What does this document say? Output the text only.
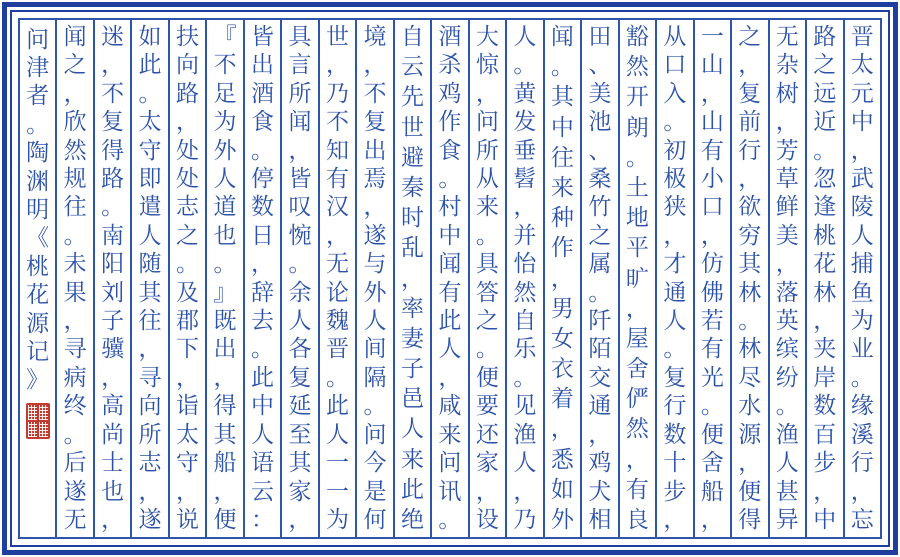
晋
太
元
中
，
武
陵
人
捕
鱼
为
业
。
缘
溪
行
，
忘
路
之
远
近
。
忽
逢
桃
花
林
，
夹
岸
数
百
步
，
中
无
杂
树
，
芳
草
鲜
美
，
落
英
缤
纷
。
渔
人
甚
异
之
，
复
前
行
，
欲
穷
其
林
。
林
尽
水
源
，
便
得
一
山
，
山
有
小
口
，
仿
佛
若
有
光
。
便
舍
船
，
从
口
入
。
初
极
狭
，
才
通
人
。
复
行
数
十
步
，
豁
然
开
朗
。
土
地
平
旷
，
屋
舍
俨
然
，
有
良
田
、
美
池
、
桑
竹
之
属
。
阡
陌
交
通
，
鸡
犬
相
闻
。
其
中
往
来
种
作
，
男
女
衣
着
，
悉
如
外
人
。
黄
发
垂
髫
，
并
怡
然
自
乐
。
见
渔
人
，
乃
大
惊
，
问
所
从
来
。
具
答
之
。
便
要
还
家
，
设
酒
杀
鸡
作
食
。
村
中
闻
有
此
人
，
咸
来
问
讯
。
自
云
先
世
避
秦
时
乱
，
率
妻
子
邑
人
来
此
绝
境
，
不
复
出
焉
，
遂
与
外
人
间
隔
。
问
今
是
何
世
，
乃
不
知
有
汉
，
无
论
魏
晋
。
此
人
一
一
为
具
言
所
闻
，
皆
叹
惋
。
余
人
各
复
延
至
其
家
，
皆
出
酒
食
。
停
数
日
，
辞
去
。
此
中
人
语
云
：
『
不
足
为
外
人
道
也
。
』
既
出
，
得
其
船
，
便
扶
向
路
，
处
处
志
之
。
及
郡
下
，
诣
太
守
，
说
如
此
。
太
守
即
遣
人
随
其
往
，
寻
向
所
志
，
遂
迷
，
不
复
得
路
。
南
阳
刘
子
骥
，
高
尚
士
也
，
闻
之
，
欣
然
规
往
。
未
果
，
寻
病
终
。
后
遂
无
问
津
者
。
陶
渊
明
《
桃
花
源
记
》
